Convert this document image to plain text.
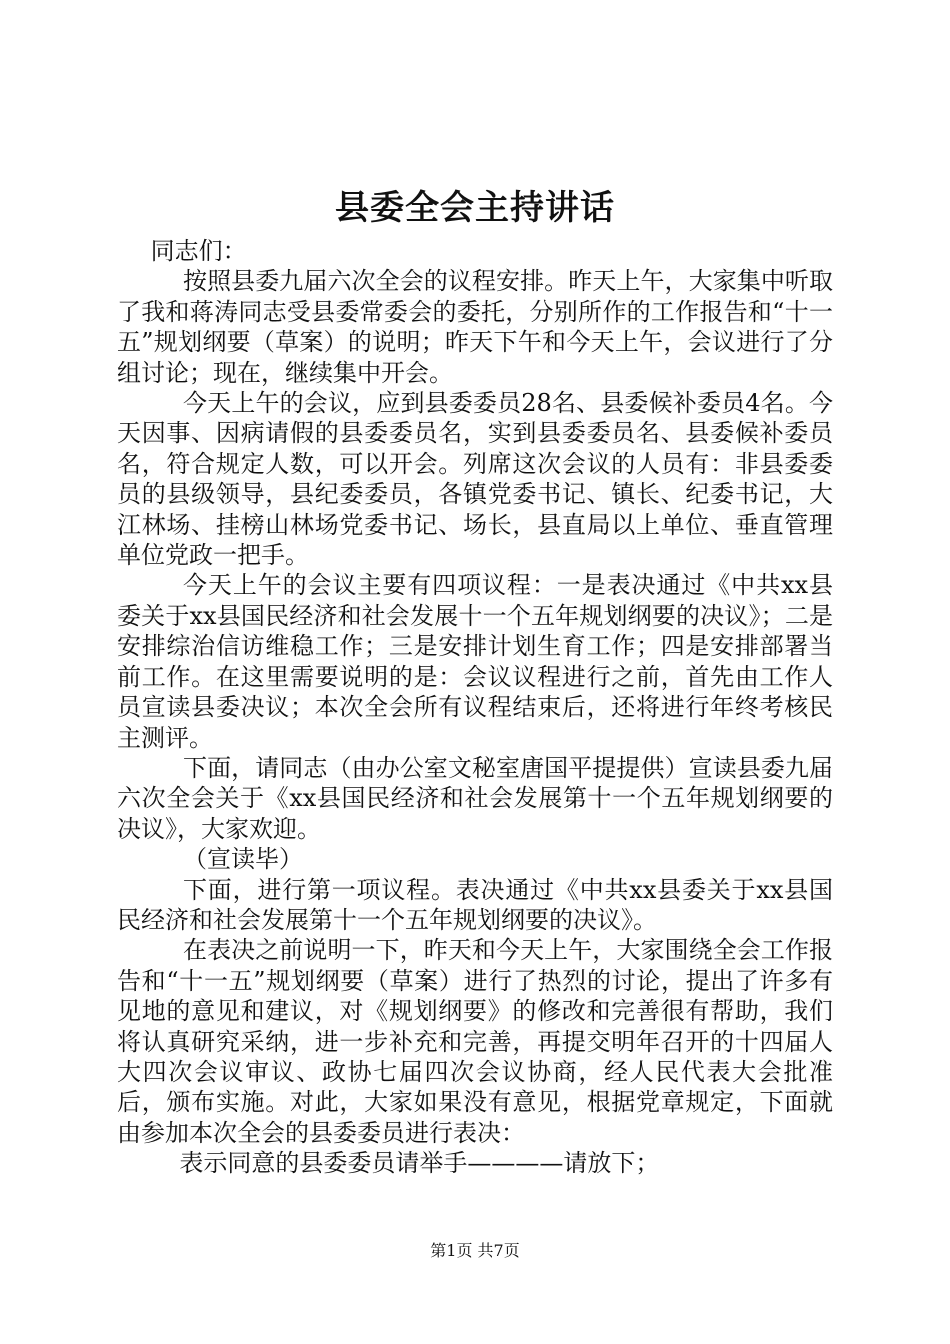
县委全会主持讲话

同志们：

按照县委九届六次全会的议程安排。昨天上午，大家集中听取了我和蒋涛同志受县委常委会的委托，分别所作的工作报告和“十一五”规划纲要（草案）的说明；昨天下午和今天上午，会议进行了分组讨论；现在，继续集中开会。

今天上午的会议，应到县委委员28名、县委候补委员4名。今天因事、因病请假的县委委员名，实到县委委员名、县委候补委员名，符合规定人数，可以开会。列席这次会议的人员有：非县委委员的县级领导，县纪委委员，各镇党委书记、镇长、纪委书记，大江林场、挂榜山林场党委书记、场长，县直局以上单位、垂直管理单位党政一把手。

今天上午的会议主要有四项议程：一是表决通过《中共xx县委关于xx县国民经济和社会发展十一个五年规划纲要的决议》；二是安排综治信访维稳工作；三是安排计划生育工作；四是安排部署当前工作。在这里需要说明的是：会议议程进行之前，首先由工作人员宣读县委决议；本次全会所有议程结束后，还将进行年终考核民主测评。

下面，请同志（由办公室文秘室唐国平提提供）宣读县委九届六次全会关于《xx县国民经济和社会发展第十一个五年规划纲要的决议》，大家欢迎。

（宣读毕）

下面，进行第一项议程。表决通过《中共xx县委关于xx县国民经济和社会发展第十一个五年规划纲要的决议》。

在表决之前说明一下，昨天和今天上午，大家围绕全会工作报告和“十一五”规划纲要（草案）进行了热烈的讨论，提出了许多有见地的意见和建议，对《规划纲要》的修改和完善很有帮助，我们将认真研究采纳，进一步补充和完善，再提交明年召开的十四届人大四次会议审议、政协七届四次会议协商，经人民代表大会批准后，颁布实施。对此，大家如果没有意见，根据党章规定，下面就由参加本次全会的县委委员进行表决：

表示同意的县委委员请举手————请放下；

第1页 共7页
